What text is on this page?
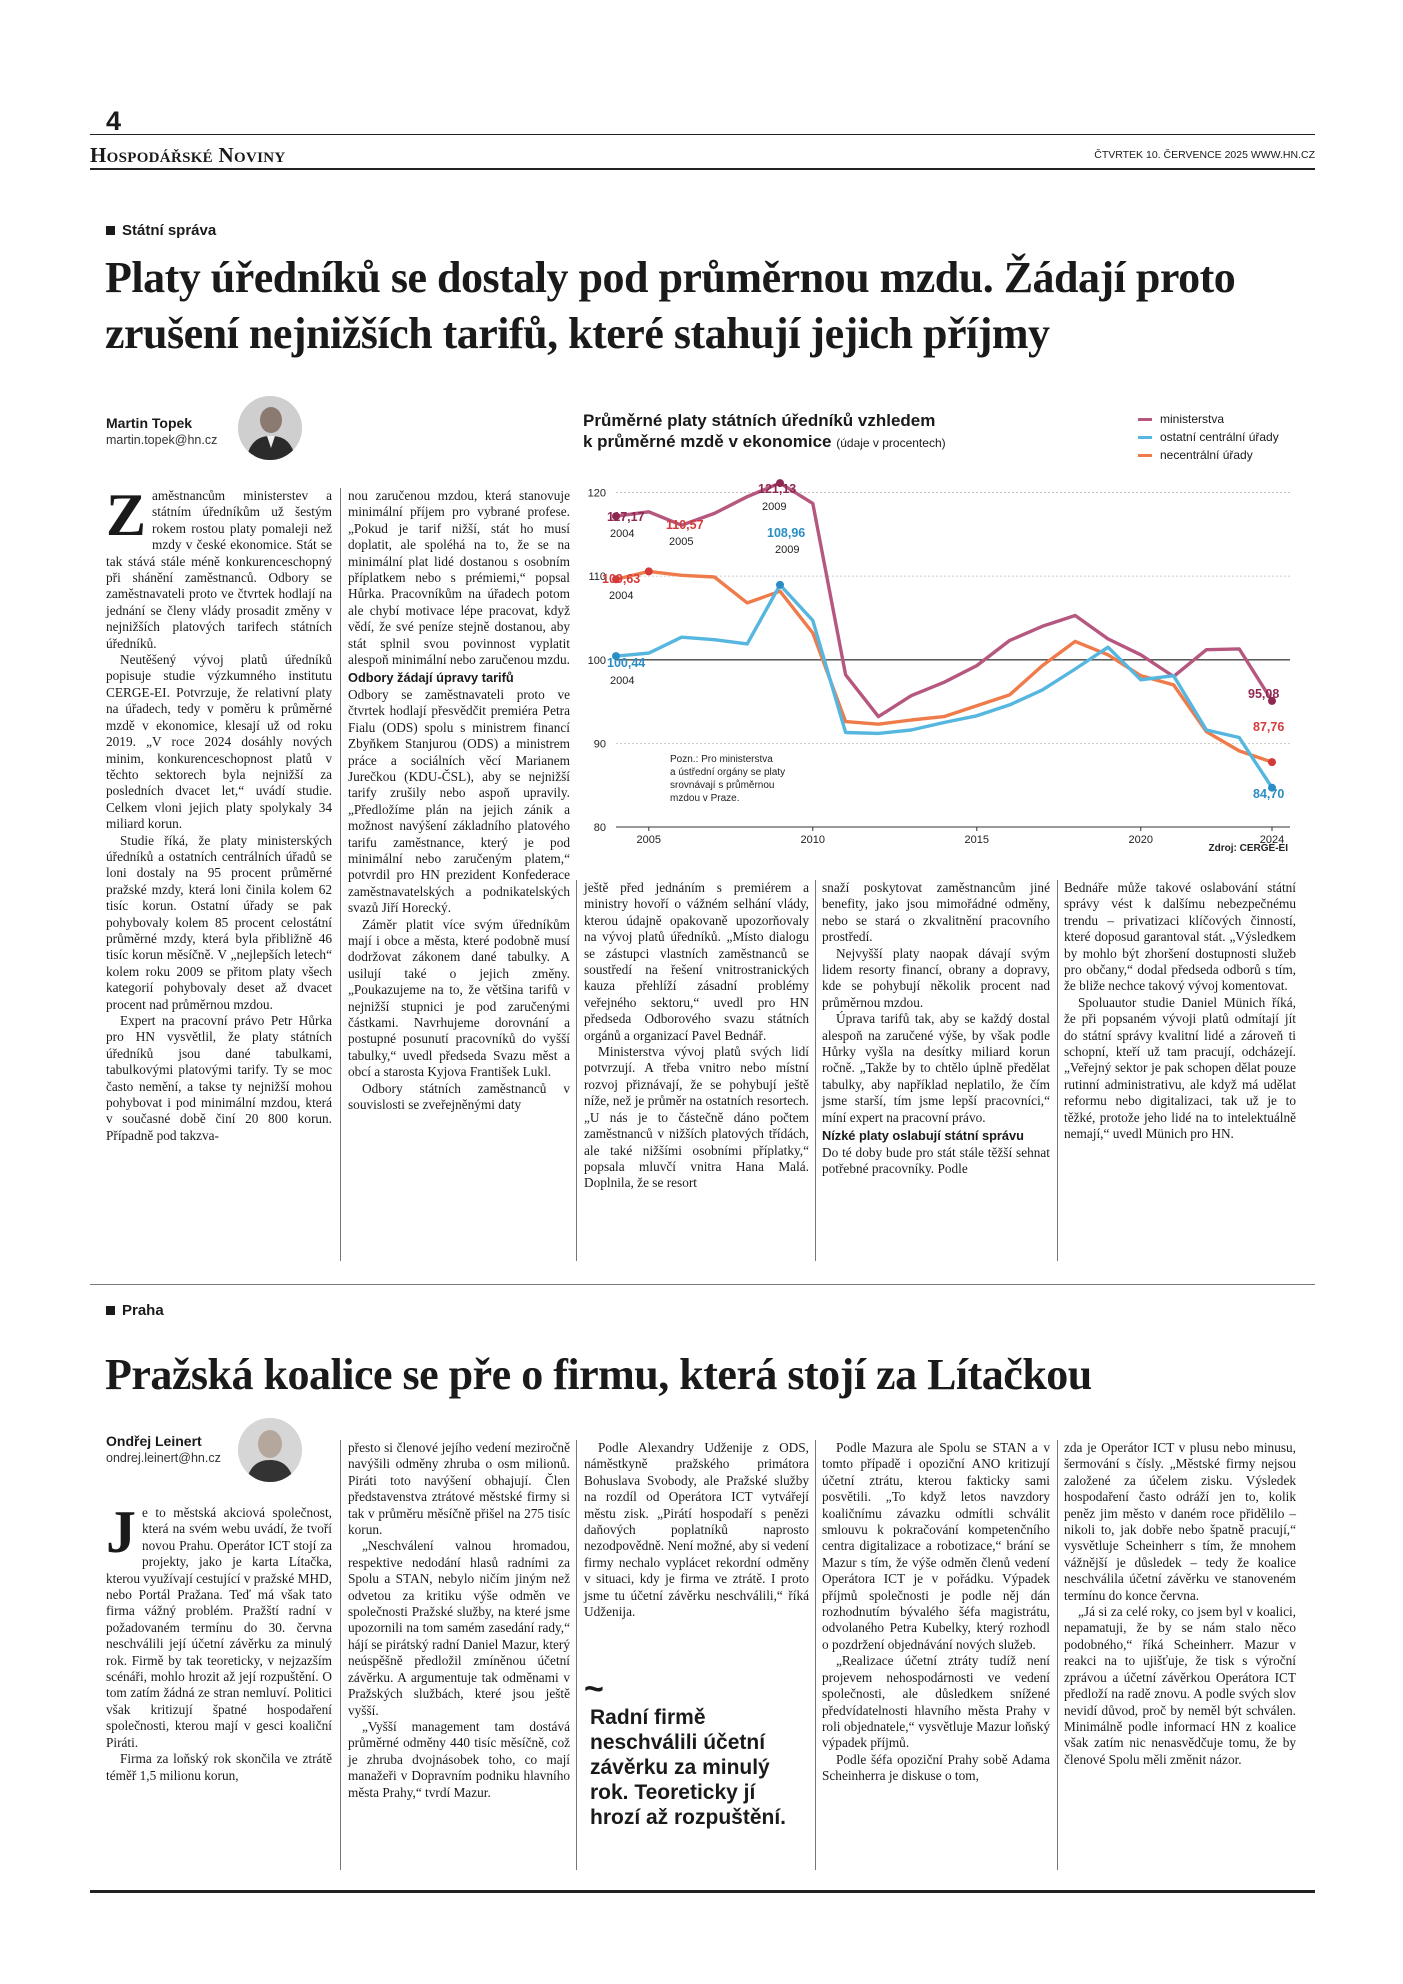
4
Hospodářské Noviny	ČTVRTEK 10. ČERVENCE 2025 WWW.HN.CZ
Státní správa
Platy úředníků se dostaly pod průměrnou mzdu. Žádají proto zrušení nejnižších tarifů, které stahují jejich příjmy
Martin Topek
martin.topek@hn.cz
Průměrné platy státních úředníků vzhledem
k průměrné mzdě v ekonomice (údaje v procentech)
ministerstva
ostatní centrální úřady
necentrální úřady
80
90
100
110
120
2005	2010	2015	2020	2024
117,17
2004
110,57
2005
121,13
2009
108,96
2009
109,63
2004
100,44
2004
95,08
87,76
84,70
Pozn.: Pro ministerstva
a ústřední orgány se platy
srovnávají s průměrnou
mzdou v Praze.
Zdroj: CERGE-EI

Zaměstnancům ministerstev a státním úředníkům už šestým rokem rostou platy pomaleji než mzdy v české ekonomice. Stát se tak stává stále méně konkurenceschopný při shánění zaměstnanců. Odbory se zaměstnavateli proto ve čtvrtek hodlají na jednání se členy vlády prosadit změny v nejnižších platových tarifech státních úředníků.

Neutěšený vývoj platů úředníků popisuje studie výzkumného institutu CERGE-EI. Potvrzuje, že relativní platy na úřadech, tedy v poměru k průměrné mzdě v ekonomice, klesají už od roku 2019. „V roce 2024 dosáhly nových minim, konkurenceschopnost platů v těchto sektorech byla nejnižší za posledních dvacet let,“ uvádí studie. Celkem vloni jejich platy spolykaly 34 miliard korun.

Studie říká, že platy ministerských úředníků a ostatních centrálních úřadů se loni dostaly na 95 procent průměrné pražské mzdy, která loni činila kolem 62 tisíc korun. Ostatní úřady se pak pohybovaly kolem 85 procent celostátní průměrné mzdy, která byla přibližně 46 tisíc korun měsíčně. V „nejlepších letech“ kolem roku 2009 se přitom platy všech kategorií pohybovaly deset až dvacet procent nad průměrnou mzdou.

Expert na pracovní právo Petr Hůrka pro HN vysvětlil, že platy státních úředníků jsou dané tabulkami, tabulkovými platovými tarify. Ty se moc často nemění, a takse ty nejnižší mohou pohybovat i pod minimální mzdou, která v současné době činí 20 800 korun. Případně pod takzva-

nou zaručenou mzdou, která stanovuje minimální příjem pro vybrané profese. „Pokud je tarif nižší, stát ho musí doplatit, ale spoléhá na to, že se na minimální plat lidé dostanou s osobním příplatkem nebo s prémiemi,“ popsal Hůrka. Pracovníkům na úřadech potom ale chybí motivace lépe pracovat, když vědí, že své peníze stejně dostanou, aby stát splnil svou povinnost vyplatit alespoň minimální nebo zaručenou mzdu.

Odbory žádají úpravy tarifů

Odbory se zaměstnavateli proto ve čtvrtek hodlají přesvědčit premiéra Petra Fialu (ODS) spolu s ministrem financí Zbyňkem Stanjurou (ODS) a ministrem práce a sociálních věcí Marianem Jurečkou (KDU-ČSL), aby se nejnižší tarify zrušily nebo aspoň upravily. „Předložíme plán na jejich zánik a možnost navýšení základního platového tarifu zaměstnance, který je pod minimální nebo zaručeným platem,“ potvrdil pro HN prezident Konfederace zaměstnavatelských a podnikatelských svazů Jiří Horecký.

Záměr platit více svým úředníkům mají i obce a města, které podobně musí dodržovat zákonem dané tabulky. A usilují také o jejich změny. „Poukazujeme na to, že většina tarifů v nejnižší stupnici je pod zaručenými částkami. Navrhujeme dorovnání a postupné posunutí pracovníků do vyšší tabulky,“ uvedl předseda Svazu měst a obcí a starosta Kyjova František Lukl.

Odbory státních zaměstnanců v souvislosti se zveřejněnými daty

ještě před jednáním s premiérem a ministry hovoří o vážném selhání vlády, kterou údajně opakovaně upozorňovaly na vývoj platů úředníků. „Místo dialogu se zástupci vlastních zaměstnanců se soustředí na řešení vnitrostranických kauza přehlíží zásadní problémy veřejného sektoru,“ uvedl pro HN předseda Odborového svazu státních orgánů a organizací Pavel Bednář.

Ministerstva vývoj platů svých lidí potvrzují. A třeba vnitro nebo místní rozvoj přiznávají, že se pohybují ještě níže, než je průměr na ostatních resortech. „U nás je to částečně dáno počtem zaměstnanců v nižších platových třídách, ale také nižšími osobními příplatky,“ popsala mluvčí vnitra Hana Malá. Doplnila, že se resort

snaží poskytovat zaměstnancům jiné benefity, jako jsou mimořádné odměny, nebo se stará o zkvalitnění pracovního prostředí.

Nejvyšší platy naopak dávají svým lidem resorty financí, obrany a dopravy, kde se pohybují několik procent nad průměrnou mzdou.

Úprava tarifů tak, aby se každý dostal alespoň na zaručené výše, by však podle Hůrky vyšla na desítky miliard korun ročně. „Takže by to chtělo úplně předělat tabulky, aby například neplatilo, že čím jsme starší, tím jsme lepší pracovníci,“ míní expert na pracovní právo.

Nízké platy oslabují státní správu

Do té doby bude pro stát stále těžší sehnat potřebné pracovníky. Podle

Bednáře může takové oslabování státní správy vést k dalšímu nebezpečnému trendu – privatizaci klíčových činností, které doposud garantoval stát. „Výsledkem by mohlo být zhoršení dostupnosti služeb pro občany,“ dodal předseda odborů s tím, že bliže nechce takový vývoj komentovat.

Spoluautor studie Daniel Münich říká, že při popsaném vývoji platů odmítají jít do státní správy kvalitní lidé a zároveň ti schopní, kteří už tam pracují, odcházejí. „Veřejný sektor je pak schopen dělat pouze rutinní administrativu, ale když má udělat reformu nebo digitalizaci, tak už je to těžké, protože jeho lidé na to intelektuálně nemají,“ uvedl Münich pro HN.

Praha
Pražská koalice se pře o firmu, která stojí za Lítačkou
Ondřej Leinert
ondrej.leinert@hn.cz

Je to městská akciová společnost, která na svém webu uvádí, že tvoří novou Prahu. Operátor ICT stojí za projekty, jako je karta Lítačka, kterou využívají cestující v pražské MHD, nebo Portál Pražana. Teď má však tato firma vážný problém. Pražští radní v požadovaném termínu do 30. června neschválili její účetní závěrku za minulý rok. Firmě by tak teoreticky, v nejzazším scénáři, mohlo hrozit až její rozpuštění. O tom zatím žádná ze stran nemluví. Politici však kritizují špatné hospodaření společnosti, kterou mají v gesci koaliční Piráti.

Firma za loňský rok skončila ve ztrátě téměř 1,5 milionu korun,

přesto si členové jejího vedení meziročně navýšili odměny zhruba o osm milionů. Piráti toto navýšení obhajují. Člen představenstva ztrátové městské firmy si tak v průměru měsíčně přišel na 275 tisíc korun.

„Neschválení valnou hromadou, respektive nedodání hlasů radními za Spolu a STAN, nebylo ničím jiným než odvetou za kritiku výše odměn ve společnosti Pražské služby, na které jsme upozornili na tom samém zasedání rady,“ hájí se pirátský radní Daniel Mazur, který neúspěšně předložil zmíněnou účetní závěrku. A argumentuje tak odměnami v Pražských službách, které jsou ještě vyšší.

„Vyšší management tam dostává průměrné odměny 440 tisíc měsíčně, což je zhruba dvojnásobek toho, co mají manažeři v Dopravním podniku hlavního města Prahy,“ tvrdí Mazur.

Podle Alexandry Udženije z ODS, náměstkyně pražského primátora Bohuslava Svobody, ale Pražské služby na rozdíl od Operátora ICT vytvářejí městu zisk. „Pirátí hospodaří s penězi daňových poplatníků naprosto nezodpovědně. Není možné, aby si vedení firmy nechalo vyplácet rekordní odměny v situaci, kdy je firma ve ztrátě. I proto jsme tu účetní závěrku neschválili,“ říká Udženija.

~
Radní firmě neschválili účetní závěrku za minulý rok. Teoreticky jí hrozí až rozpuštění.

Podle Mazura ale Spolu se STAN a v tomto případě i opoziční ANO kritizují účetní ztrátu, kterou fakticky sami posvětili. „To když letos navzdory koaličnímu závazku odmítli schválit smlouvu k pokračování kompetenčního centra digitalizace a robotizace,“ brání se Mazur s tím, že výše odměn členů vedení Operátora ICT je v pořádku. Výpadek příjmů společnosti je podle něj dán rozhodnutím bývalého šéfa magistrátu, odvolaného Petra Kubelky, který rozhodl o pozdržení objednávání nových služeb.

„Realizace účetní ztráty tudíž není projevem nehospodárnosti ve vedení společnosti, ale důsledkem snížené předvídatelnosti hlavního města Prahy v roli objednatele,“ vysvětluje Mazur loňský výpadek příjmů.

Podle šéfa opoziční Prahy sobě Adama Scheinherra je diskuse o tom,

zda je Operátor ICT v plusu nebo minusu, šermování s čísly. „Městské firmy nejsou založené za účelem zisku. Výsledek hospodaření často odráží jen to, kolik peněz jim město v daném roce přidělilo – nikoli to, jak dobře nebo špatně pracují,“ vysvětluje Scheinherr s tím, že mnohem vážnější je důsledek – tedy že koalice neschválila účetní závěrku ve stanoveném termínu do konce června.

„Já si za celé roky, co jsem byl v koalici, nepamatuji, že by se nám stalo něco podobného,“ říká Scheinherr. Mazur v reakci na to ujišťuje, že tisk s výroční zprávou a účetní závěrkou Operátora ICT předloží na radě znovu. A podle svých slov nevidí důvod, proč by neměl být schválen. Minimálně podle informací HN z koalice však zatím nic nenasvědčuje tomu, že by členové Spolu měli změnit názor.
